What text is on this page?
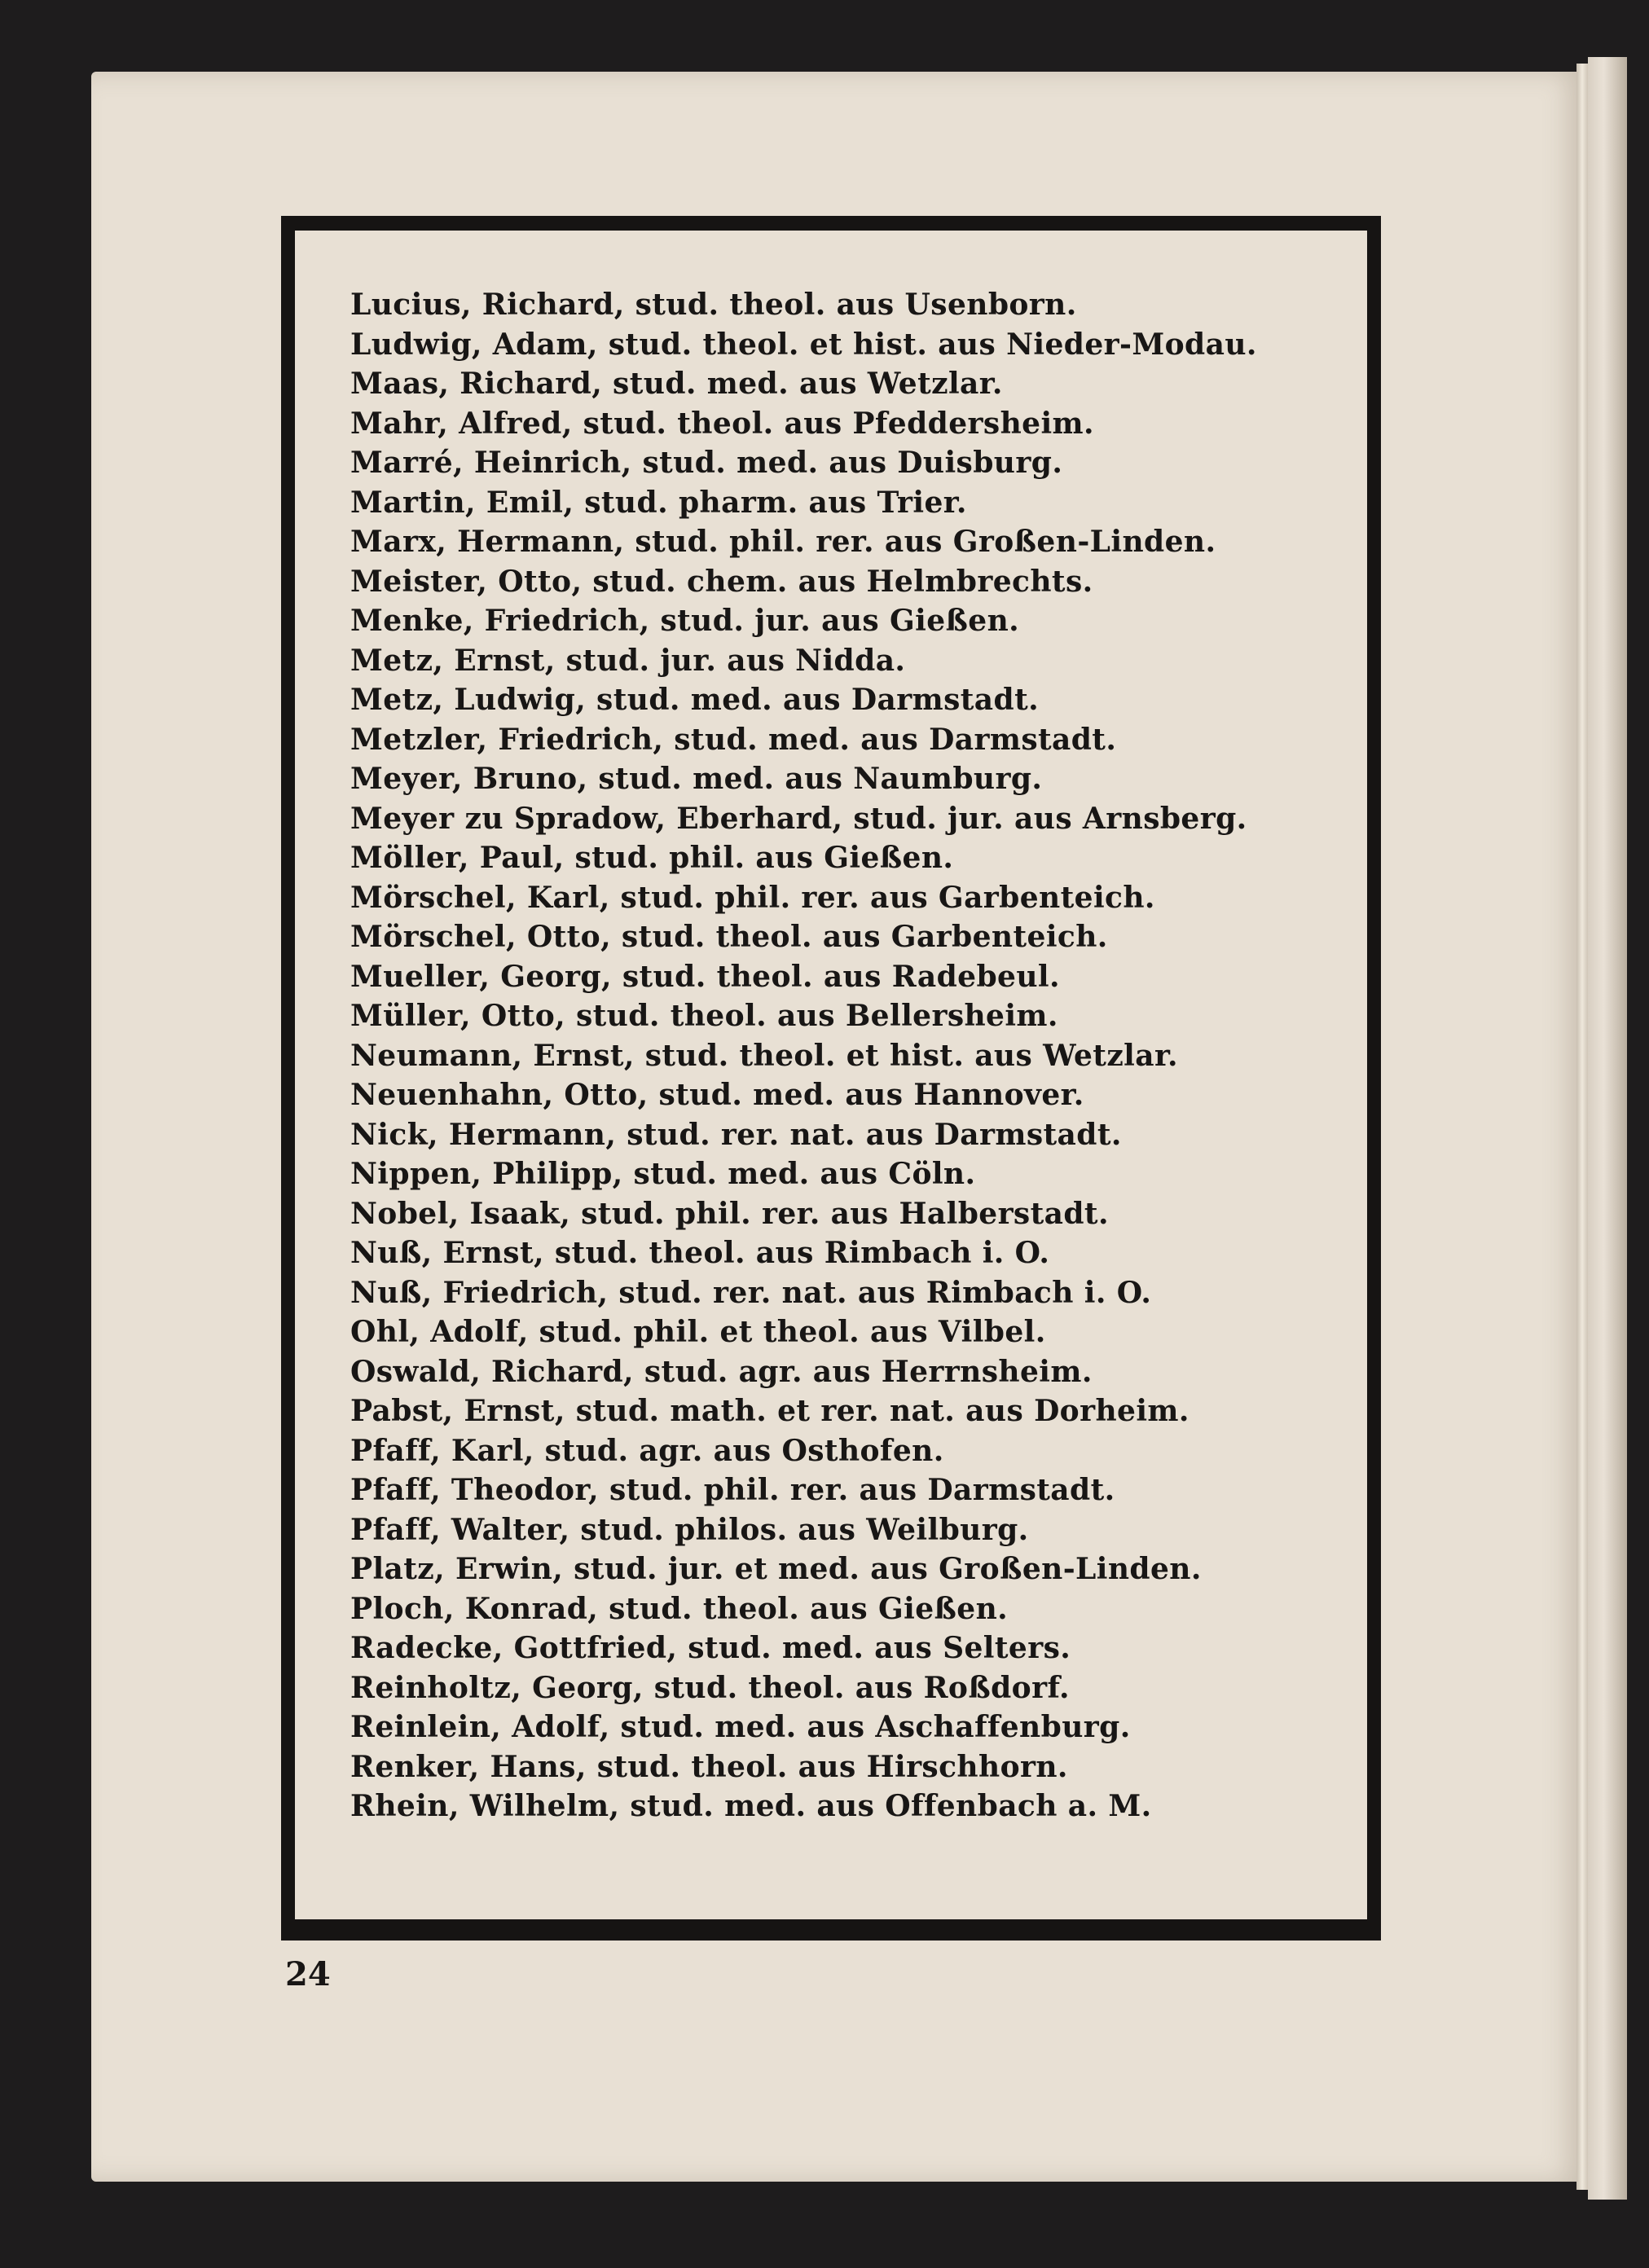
Lucius, Richard, stud. theol. aus Usenborn.
Ludwig, Adam, stud. theol. et hist. aus Nieder-Modau.
Maas, Richard, stud. med. aus Wetzlar.
Mahr, Alfred, stud. theol. aus Pfeddersheim.
Marré, Heinrich, stud. med. aus Duisburg.
Martin, Emil, stud. pharm. aus Trier.
Marx, Hermann, stud. phil. rer. aus Großen-Linden.
Meister, Otto, stud. chem. aus Helmbrechts.
Menke, Friedrich, stud. jur. aus Gießen.
Metz, Ernst, stud. jur. aus Nidda.
Metz, Ludwig, stud. med. aus Darmstadt.
Metzler, Friedrich, stud. med. aus Darmstadt.
Meyer, Bruno, stud. med. aus Naumburg.
Meyer zu Spradow, Eberhard, stud. jur. aus Arnsberg.
Möller, Paul, stud. phil. aus Gießen.
Mörschel, Karl, stud. phil. rer. aus Garbenteich.
Mörschel, Otto, stud. theol. aus Garbenteich.
Mueller, Georg, stud. theol. aus Radebeul.
Müller, Otto, stud. theol. aus Bellersheim.
Neumann, Ernst, stud. theol. et hist. aus Wetzlar.
Neuenhahn, Otto, stud. med. aus Hannover.
Nick, Hermann, stud. rer. nat. aus Darmstadt.
Nippen, Philipp, stud. med. aus Cöln.
Nobel, Isaak, stud. phil. rer. aus Halberstadt.
Nuß, Ernst, stud. theol. aus Rimbach i. O.
Nuß, Friedrich, stud. rer. nat. aus Rimbach i. O.
Ohl, Adolf, stud. phil. et theol. aus Vilbel.
Oswald, Richard, stud. agr. aus Herrnsheim.
Pabst, Ernst, stud. math. et rer. nat. aus Dorheim.
Pfaff, Karl, stud. agr. aus Osthofen.
Pfaff, Theodor, stud. phil. rer. aus Darmstadt.
Pfaff, Walter, stud. philos. aus Weilburg.
Platz, Erwin, stud. jur. et med. aus Großen-Linden.
Ploch, Konrad, stud. theol. aus Gießen.
Radecke, Gottfried, stud. med. aus Selters.
Reinholtz, Georg, stud. theol. aus Roßdorf.
Reinlein, Adolf, stud. med. aus Aschaffenburg.
Renker, Hans, stud. theol. aus Hirschhorn.
Rhein, Wilhelm, stud. med. aus Offenbach a. M.
24
